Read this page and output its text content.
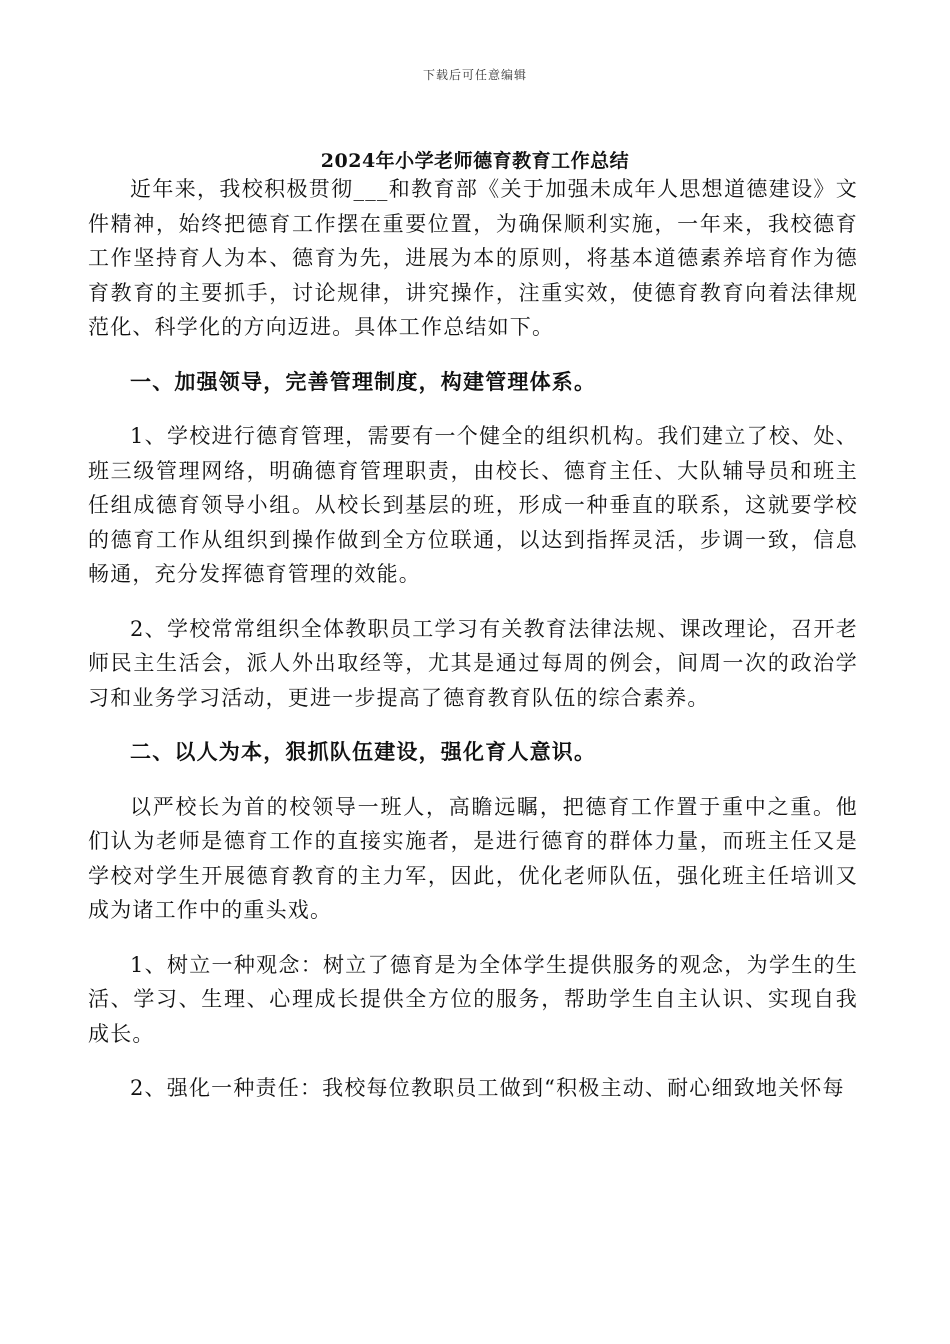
下载后可任意编辑
2024年小学老师德育教育工作总结

近年来，我校积极贯彻___和教育部《关于加强未成年人思想道德建设》文件精神，始终把德育工作摆在重要位置，为确保顺利实施，一年来，我校德育工作坚持育人为本、德育为先，进展为本的原则，将基本道德素养培育作为德育教育的主要抓手，讨论规律，讲究操作，注重实效，使德育教育向着法律规范化、科学化的方向迈进。具体工作总结如下。

一、加强领导，完善管理制度，构建管理体系。

1、学校进行德育管理，需要有一个健全的组织机构。我们建立了校、处、班三级管理网络，明确德育管理职责，由校长、德育主任、大队辅导员和班主任组成德育领导小组。从校长到基层的班，形成一种垂直的联系，这就要学校的德育工作从组织到操作做到全方位联通，以达到指挥灵活，步调一致，信息畅通，充分发挥德育管理的效能。

2、学校常常组织全体教职员工学习有关教育法律法规、课改理论，召开老师民主生活会，派人外出取经等，尤其是通过每周的例会，间周一次的政治学习和业务学习活动，更进一步提高了德育教育队伍的综合素养。

二、以人为本，狠抓队伍建设，强化育人意识。

以严校长为首的校领导一班人，高瞻远瞩，把德育工作置于重中之重。他们认为老师是德育工作的直接实施者，是进行德育的群体力量，而班主任又是学校对学生开展德育教育的主力军，因此，优化老师队伍，强化班主任培训又成为诸工作中的重头戏。

1、树立一种观念：树立了德育是为全体学生提供服务的观念，为学生的生活、学习、生理、心理成长提供全方位的服务，帮助学生自主认识、实现自我成长。

2、强化一种责任：我校每位教职员工做到“积极主动、耐心细致地关怀每
